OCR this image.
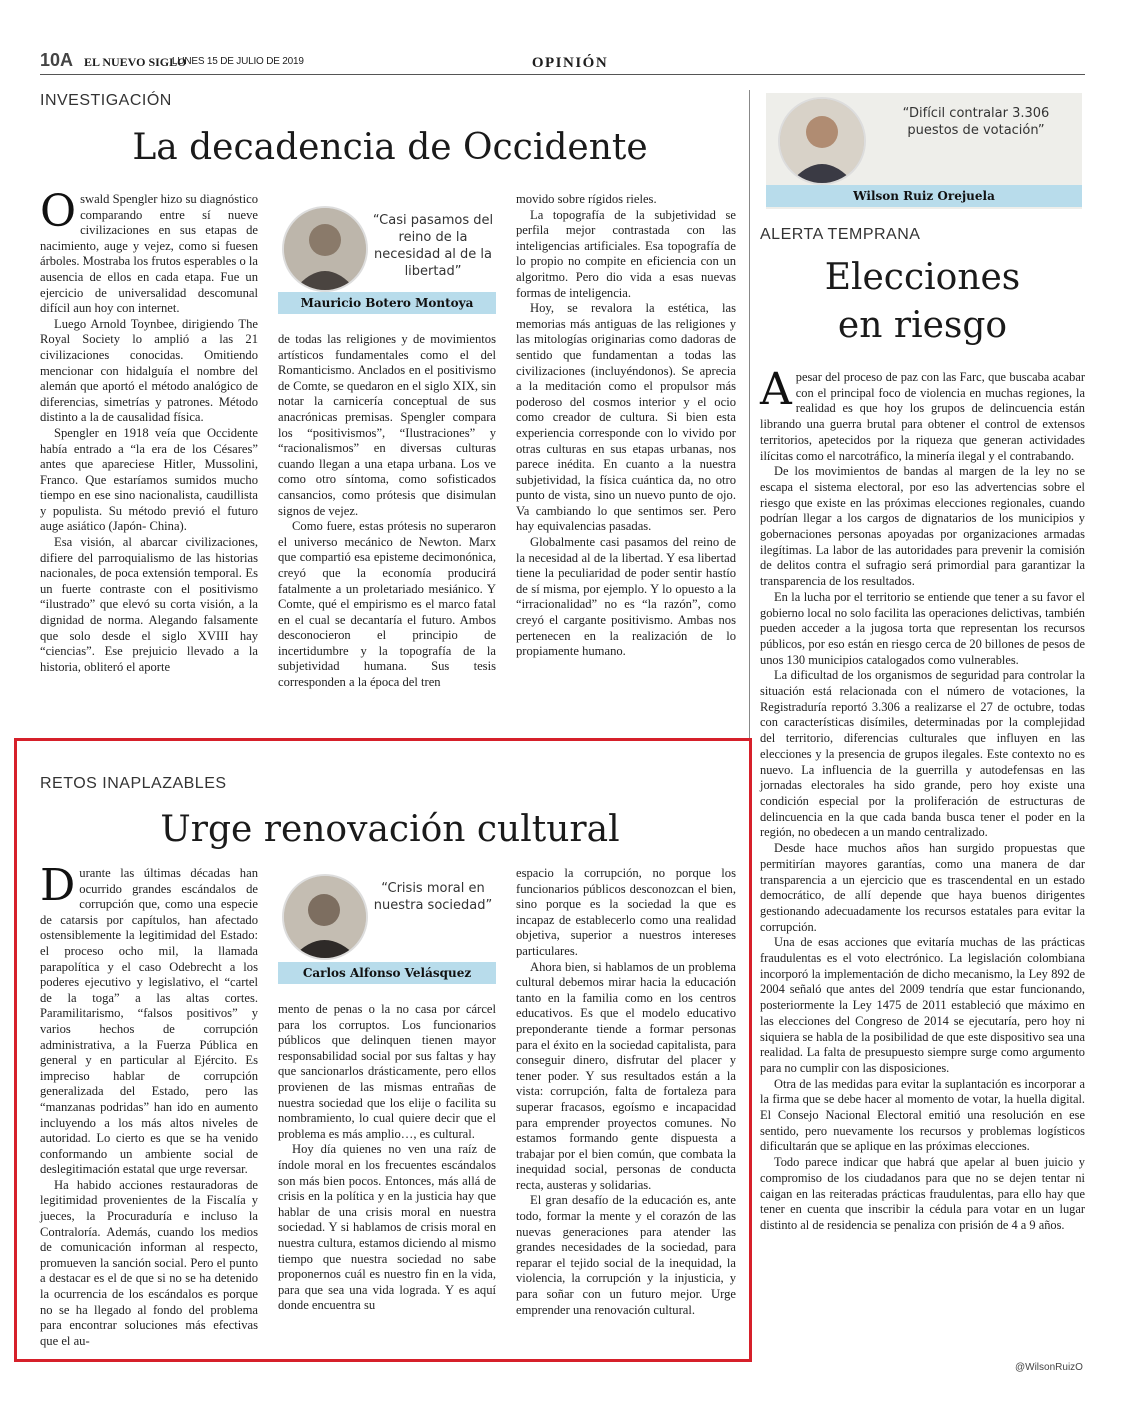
10A EL NUEVO SIGLO
LUNES 15 DE JULIO DE 2019	OPINIÓN
INVESTIGACIÓN
La decadencia de Occidente

Oswald Spengler hizo su diagnóstico comparando entre sí nueve civilizaciones en sus etapas de nacimiento, auge y vejez, como si fuesen árboles. Mostraba los frutos esperables o la ausencia de ellos en cada etapa. Fue un ejercicio de universalidad descomunal difícil aun hoy con internet.

Luego Arnold Toynbee, dirigiendo The Royal Society lo amplió a las 21 civilizaciones conocidas. Omitiendo mencionar con hidalguía el nombre del alemán que aportó el método analógico de diferencias, simetrías y patrones. Método distinto a la de causalidad física.

Spengler en 1918 veía que Occidente había entrado a “la era de los Césares” antes que apareciese Hitler, Mussolini, Franco. Que estaríamos sumidos mucho tiempo en ese sino nacionalista, caudillista y populista. Su método previó el futuro auge asiático (Japón- China).

Esa visión, al abarcar civilizaciones, difiere del parroquialismo de las historias nacionales, de poca extensión temporal. Es un fuerte contraste con el positivismo “ilustrado” que elevó su corta visión, a la dignidad de norma. Alegando falsamente que solo desde el siglo XVIII hay “ciencias”. Ese prejuicio llevado a la historia, obliteró el aporte

“Casi pasamos del reino de la necesidad al de la libertad”
Mauricio Botero Montoya

de todas las religiones y de movimientos artísticos fundamentales como el del Romanticismo. Anclados en el positivismo de Comte, se quedaron en el siglo XIX, sin notar la carnicería conceptual de sus anacrónicas premisas. Spengler compara los “positivismos”, “Ilustraciones” y “racionalismos” en diversas culturas cuando llegan a una etapa urbana. Los ve como otro síntoma, como sofisticados cansancios, como prótesis que disimulan signos de vejez.

Como fuere, estas prótesis no superaron el universo mecánico de Newton. Marx que compartió esa episteme decimonónica, creyó que la economía producirá fatalmente a un proletariado mesiánico. Y Comte, qué el empirismo es el marco fatal en el cual se decantaría el futuro. Ambos desconocieron el principio de incertidumbre y la topografía de la subjetividad humana. Sus tesis corresponden a la época del tren

movido sobre rígidos rieles.

La topografía de la subjetividad se perfila mejor contrastada con las inteligencias artificiales. Esa topografía de lo propio no compite en eficiencia con un algoritmo. Pero dio vida a esas nuevas formas de inteligencia.

Hoy, se revalora la estética, las memorias más antiguas de las religiones y las mitologías originarias como dadoras de sentido que fundamentan a todas las civilizaciones (incluyéndonos). Se aprecia a la meditación como el propulsor más poderoso del cosmos interior y el ocio como creador de cultura. Si bien esta experiencia corresponde con lo vivido por otras culturas en sus etapas urbanas, nos parece inédita. En cuanto a la nuestra subjetividad, la física cuántica da, no otro punto de vista, sino un nuevo punto de ojo. Va cambiando lo que sentimos ser. Pero hay equivalencias pasadas.

Globalmente casi pasamos del reino de la necesidad al de la libertad. Y esa libertad tiene la peculiaridad de poder sentir hastío de sí misma, por ejemplo. Y lo opuesto a la “irracionalidad” no es “la razón”, como creyó el cargante positivismo. Ambas nos pertenecen en la realización de lo propiamente humano.

RETOS INAPLAZABLES
Urge renovación cultural

Durante las últimas décadas han ocurrido grandes escándalos de corrupción que, como una especie de catarsis por capítulos, han afectado ostensiblemente la legitimidad del Estado: el proceso ocho mil, la llamada parapolítica y el caso Odebrecht a los poderes ejecutivo y legislativo, el “cartel de la toga” a las altas cortes. Paramilitarismo, “falsos positivos” y varios hechos de corrupción administrativa, a la Fuerza Pública en general y en particular al Ejército. Es impreciso hablar de corrupción generalizada del Estado, pero las “manzanas podridas” han ido en aumento incluyendo a los más altos niveles de autoridad. Lo cierto es que se ha venido conformando un ambiente social de deslegitimación estatal que urge reversar.

Ha habido acciones restauradoras de legitimidad provenientes de la Fiscalía y jueces, la Procuraduría e incluso la Contraloría. Además, cuando los medios de comunicación informan al respecto, promueven la sanción social. Pero el punto a destacar es el de que si no se ha detenido la ocurrencia de los escándalos es porque no se ha llegado al fondo del problema para encontrar soluciones más efectivas que el au-

“Crisis moral en nuestra sociedad”
Carlos Alfonso Velásquez

mento de penas o la no casa por cárcel para los corruptos. Los funcionarios públicos que delinquen tienen mayor responsabilidad social por sus faltas y hay que sancionarlos drásticamente, pero ellos provienen de las mismas entrañas de nuestra sociedad que los elije o facilita su nombramiento, lo cual quiere decir que el problema es más amplio…, es cultural.

Hoy día quienes no ven una raíz de índole moral en los frecuentes escándalos son más bien pocos. Entonces, más allá de crisis en la política y en la justicia hay que hablar de una crisis moral en nuestra sociedad. Y si hablamos de crisis moral en nuestra cultura, estamos diciendo al mismo tiempo que nuestra sociedad no sabe proponernos cuál es nuestro fin en la vida, para que sea una vida lograda. Y es aquí donde encuentra su

espacio la corrupción, no porque los funcionarios públicos desconozcan el bien, sino porque es la sociedad la que es incapaz de establecerlo como una realidad objetiva, superior a nuestros intereses particulares.

Ahora bien, si hablamos de un problema cultural debemos mirar hacia la educación tanto en la familia como en los centros educativos. Es que el modelo educativo preponderante tiende a formar personas para el éxito en la sociedad capitalista, para conseguir dinero, disfrutar del placer y tener poder. Y sus resultados están a la vista: corrupción, falta de fortaleza para superar fracasos, egoísmo e incapacidad para emprender proyectos comunes. No estamos formando gente dispuesta a trabajar por el bien común, que combata la inequidad social, personas de conducta recta, austeras y solidarias.

El gran desafío de la educación es, ante todo, formar la mente y el corazón de las nuevas generaciones para atender las grandes necesidades de la sociedad, para reparar el tejido social de la inequidad, la violencia, la corrupción y la injusticia, y para soñar con un futuro mejor. Urge emprender una renovación cultural.

“Difícil contralar 3.306 puestos de votación”
Wilson Ruiz Orejuela
ALERTA TEMPRANA
Elecciones
en riesgo

Apesar del proceso de paz con las Farc, que buscaba acabar con el principal foco de violencia en muchas regiones, la realidad es que hoy los grupos de delincuencia están librando una guerra brutal para obtener el control de extensos territorios, apetecidos por la riqueza que generan actividades ilícitas como el narcotráfico, la minería ilegal y el contrabando.

De los movimientos de bandas al margen de la ley no se escapa el sistema electoral, por eso las advertencias sobre el riesgo que existe en las próximas elecciones regionales, cuando podrían llegar a los cargos de dignatarios de los municipios y gobernaciones personas apoyadas por organizaciones armadas ilegítimas. La labor de las autoridades para prevenir la comisión de delitos contra el sufragio será primordial para garantizar la transparencia de los resultados.

En la lucha por el territorio se entiende que tener a su favor el gobierno local no solo facilita las operaciones delictivas, también pueden acceder a la jugosa torta que representan los recursos públicos, por eso están en riesgo cerca de 20 billones de pesos de unos 130 municipios catalogados como vulnerables.

La dificultad de los organismos de seguridad para controlar la situación está relacionada con el número de votaciones, la Registraduría reportó 3.306 a realizarse el 27 de octubre, todas con características disímiles, determinadas por la complejidad del territorio, diferencias culturales que influyen en las elecciones y la presencia de grupos ilegales. Este contexto no es nuevo. La influencia de la guerrilla y autodefensas en las jornadas electorales ha sido grande, pero hoy existe una condición especial por la proliferación de estructuras de delincuencia en la que cada banda busca tener el poder en la región, no obedecen a un mando centralizado.

Desde hace muchos años han surgido propuestas que permitirían mayores garantías, como una manera de dar transparencia a un ejercicio que es trascendental en un estado democrático, de allí depende que haya buenos dirigentes gestionando adecuadamente los recursos estatales para evitar la corrupción.

Una de esas acciones que evitaría muchas de las prácticas fraudulentas es el voto electrónico. La legislación colombiana incorporó la implementación de dicho mecanismo, la Ley 892 de 2004 señaló que antes del 2009 tendría que estar funcionando, posteriormente la Ley 1475 de 2011 estableció que máximo en las elecciones del Congreso de 2014 se ejecutaría, pero hoy ni siquiera se habla de la posibilidad de que este dispositivo sea una realidad. La falta de presupuesto siempre surge como argumento para no cumplir con las disposiciones.

Otra de las medidas para evitar la suplantación es incorporar a la firma que se debe hacer al momento de votar, la huella digital. El Consejo Nacional Electoral emitió una resolución en ese sentido, pero nuevamente los recursos y problemas logísticos dificultarán que se aplique en las próximas elecciones.

Todo parece indicar que habrá que apelar al buen juicio y compromiso de los ciudadanos para que no se dejen tentar ni caigan en las reiteradas prácticas fraudulentas, para ello hay que tener en cuenta que inscribir la cédula para votar en un lugar distinto al de residencia se penaliza con prisión de 4 a 9 años.

@WilsonRuizO
